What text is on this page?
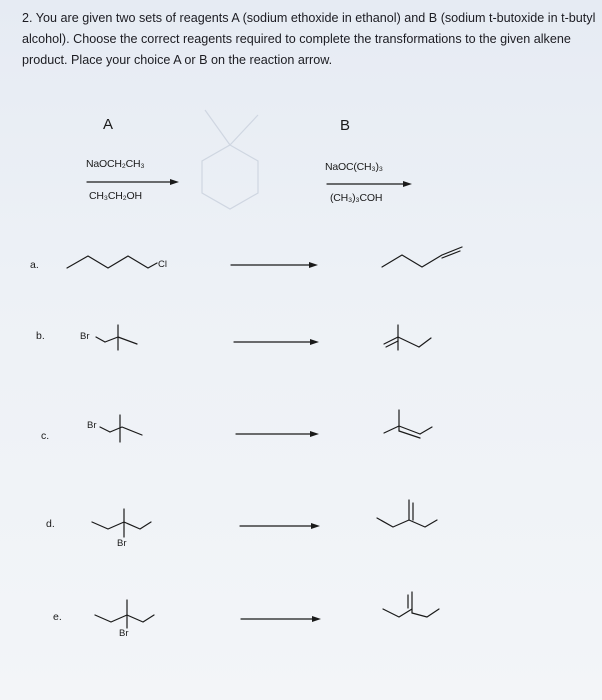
2. You are given two sets of reagents A (sodium ethoxide in ethanol) and B (sodium t-butoxide in t-butyl alcohol). Choose the correct reagents required to complete the transformations to the given alkene product. Place your choice A or B on the reaction arrow.
A	B
NaOCH₂CH₃
CH₃CH₂OH
NaOC(CH₃)₃
(CH₃)₃COH
a.
b.
c.
d.
e.
Cl
Br
Br
Br
Br
